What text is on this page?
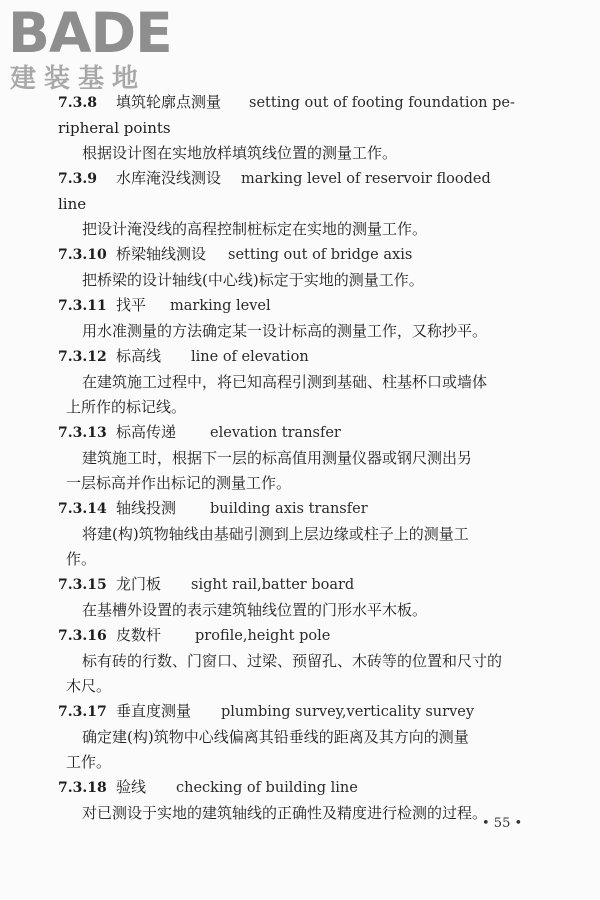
BADE
建装基地
7.3.8 填筑轮廓点测量 setting out of footing foundation pe-
ripheral points
根据设计图在实地放样填筑线位置的测量工作。
7.3.9 水库淹没线测设 marking level of reservoir flooded
line
把设计淹没线的高程控制桩标定在实地的测量工作。
7.3.10 桥梁轴线测设 setting out of bridge axis
把桥梁的设计轴线(中心线)标定于实地的测量工作。
7.3.11 找平 marking level
用水准测量的方法确定某一设计标高的测量工作，又称抄平。
7.3.12 标高线 line of elevation
在建筑施工过程中，将已知高程引测到基础、柱基杯口或墙体
上所作的标记线。
7.3.13 标高传递 elevation transfer
建筑施工时，根据下一层的标高值用测量仪器或钢尺测出另
一层标高并作出标记的测量工作。
7.3.14 轴线投测 building axis transfer
将建(构)筑物轴线由基础引测到上层边缘或柱子上的测量工
作。
7.3.15 龙门板 sight rail,batter board
在基槽外设置的表示建筑轴线位置的门形水平木板。
7.3.16 皮数杆 profile,height pole
标有砖的行数、门窗口、过梁、预留孔、木砖等的位置和尺寸的
木尺。
7.3.17 垂直度测量 plumbing survey,verticality survey
确定建(构)筑物中心线偏离其铅垂线的距离及其方向的测量
工作。
7.3.18 验线 checking of building line
对已测设于实地的建筑轴线的正确性及精度进行检测的过程。
• 55 •
